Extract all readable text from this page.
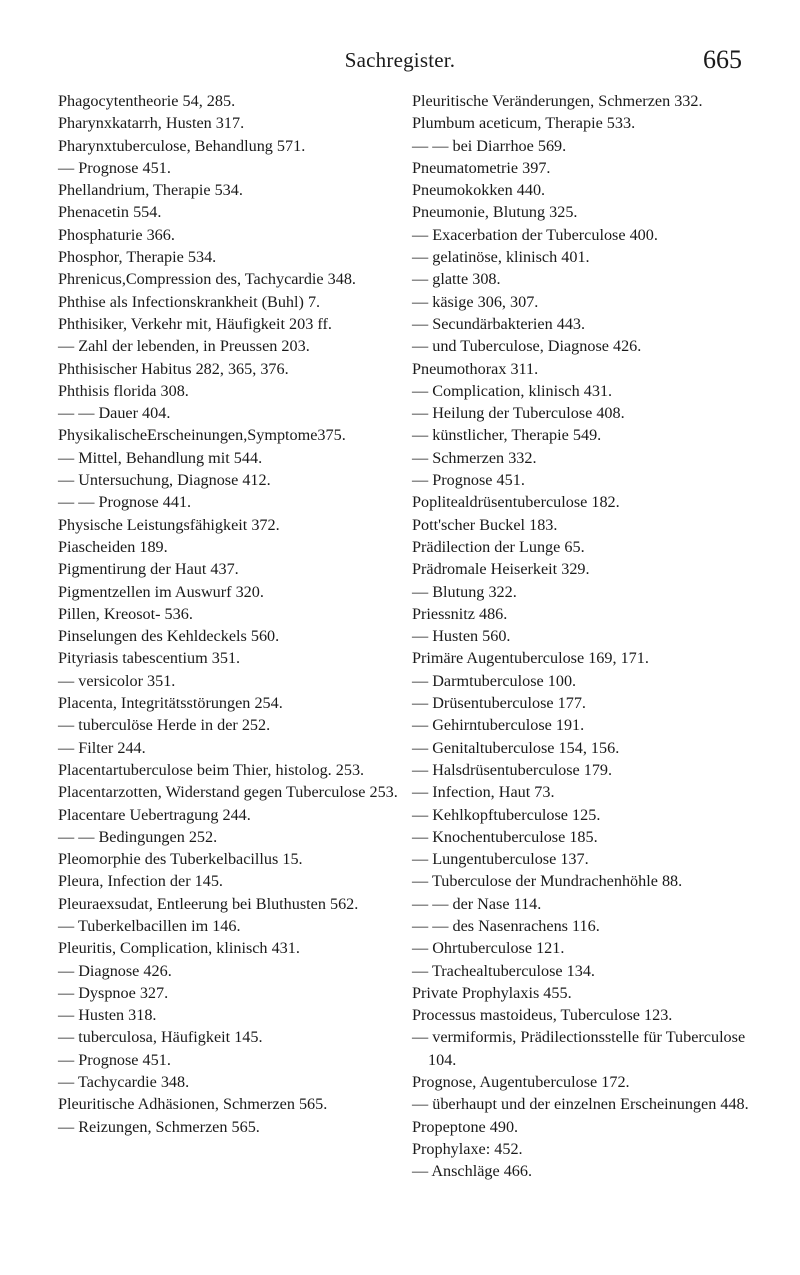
Sachregister.	665
Phagocytentheorie 54, 285.
Pharynxkatarrh, Husten 317.
Pharynxtuberculose, Behandlung 571.
— Prognose 451.
Phellandrium, Therapie 534.
Phenacetin 554.
Phosphaturie 366.
Phosphor, Therapie 534.
Phrenicus,Compression des, Tachycardie 348.
Phthise als Infectionskrankheit (Buhl) 7.
Phthisiker, Verkehr mit, Häufigkeit 203 ff.
— Zahl der lebenden, in Preussen 203.
Phthisischer Habitus 282, 365, 376.
Phthisis florida 308.
— — Dauer 404.
PhysikalischeErscheinungen,Symptome375.
— Mittel, Behandlung mit 544.
— Untersuchung, Diagnose 412.
— — Prognose 441.
Physische Leistungsfähigkeit 372.
Piascheiden 189.
Pigmentirung der Haut 437.
Pigmentzellen im Auswurf 320.
Pillen, Kreosot- 536.
Pinselungen des Kehldeckels 560.
Pityriasis tabescentium 351.
— versicolor 351.
Placenta, Integritätsstörungen 254.
— tuberculöse Herde in der 252.
— Filter 244.
Placentartuberculose beim Thier, histolog. 253.
Placentarzotten, Widerstand gegen Tuberculose 253.
Placentare Uebertragung 244.
— — Bedingungen 252.
Pleomorphie des Tuberkelbacillus 15.
Pleura, Infection der 145.
Pleuraexsudat, Entleerung bei Bluthusten 562.
— Tuberkelbacillen im 146.
Pleuritis, Complication, klinisch 431.
— Diagnose 426.
— Dyspnoe 327.
— Husten 318.
— tuberculosa, Häufigkeit 145.
— Prognose 451.
— Tachycardie 348.
Pleuritische Adhäsionen, Schmerzen 565.
— Reizungen, Schmerzen 565.
Pleuritische Veränderungen, Schmerzen 332.
Plumbum aceticum, Therapie 533.
— — bei Diarrhoe 569.
Pneumatometrie 397.
Pneumokokken 440.
Pneumonie, Blutung 325.
— Exacerbation der Tuberculose 400.
— gelatinöse, klinisch 401.
— glatte 308.
— käsige 306, 307.
— Secundärbakterien 443.
— und Tuberculose, Diagnose 426.
Pneumothorax 311.
— Complication, klinisch 431.
— Heilung der Tuberculose 408.
— künstlicher, Therapie 549.
— Schmerzen 332.
— Prognose 451.
Poplitealdrüsentuberculose 182.
Pott'scher Buckel 183.
Prädilection der Lunge 65.
Prädromale Heiserkeit 329.
— Blutung 322.
Priessnitz 486.
— Husten 560.
Primäre Augentuberculose 169, 171.
— Darmtuberculose 100.
— Drüsentuberculose 177.
— Gehirntuberculose 191.
— Genitaltuberculose 154, 156.
— Halsdrüsentuberculose 179.
— Infection, Haut 73.
— Kehlkopftuberculose 125.
— Knochentuberculose 185.
— Lungentuberculose 137.
— Tuberculose der Mundrachenhöhle 88.
— — der Nase 114.
— — des Nasenrachens 116.
— Ohrtuberculose 121.
— Trachealtuberculose 134.
Private Prophylaxis 455.
Processus mastoideus, Tuberculose 123.
— vermiformis, Prädilectionsstelle für Tuberculose 104.
Prognose, Augentuberculose 172.
— überhaupt und der einzelnen Erscheinungen 448.
Propeptone 490.
Prophylaxe: 452.
— Anschläge 466.
